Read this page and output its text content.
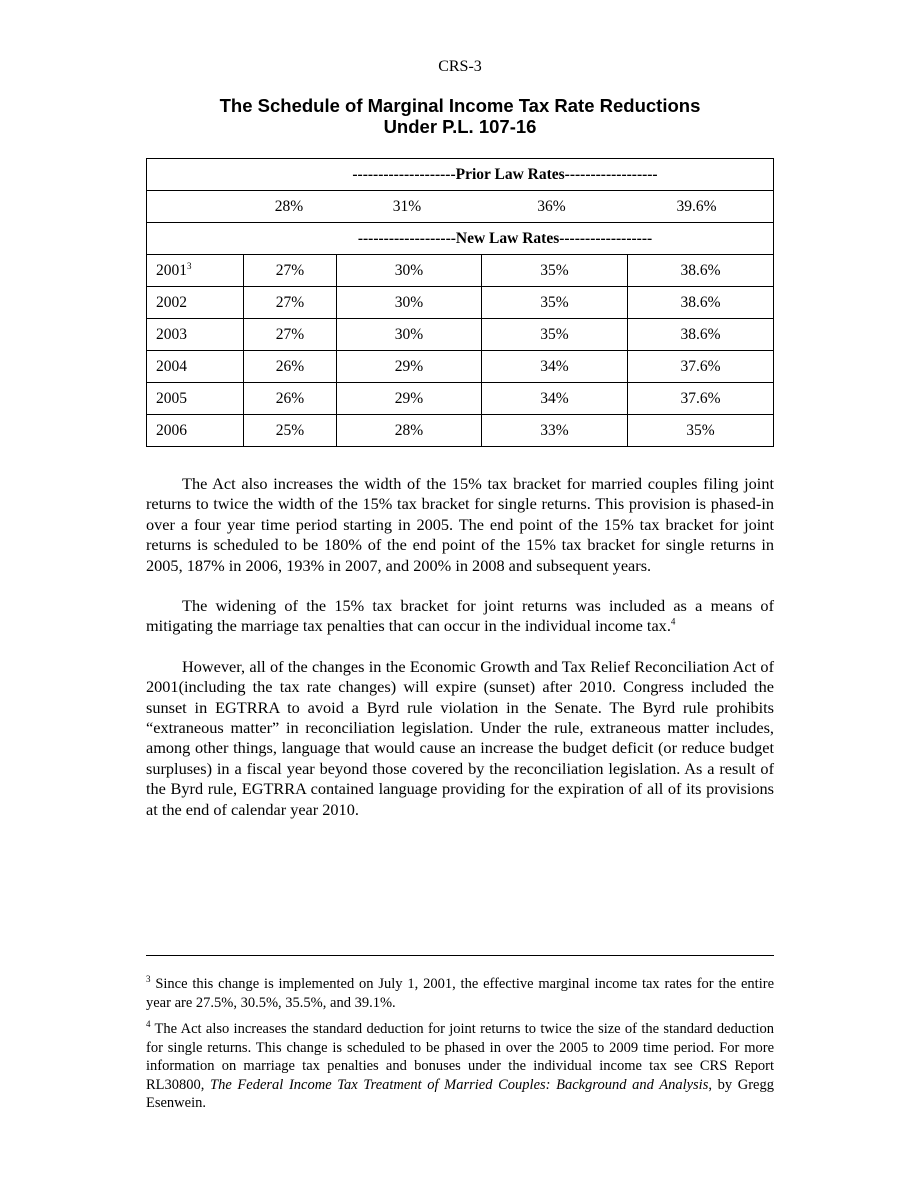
CRS-3
The Schedule of Marginal Income Tax Rate Reductions
Under P.L. 107-16
--------------------Prior Law Rates------------------				
28% 31% 36% 39.6%				
-------------------New Law Rates------------------				
2001$^3$	27%	30%	35%	38.6%
2002	27%	30%	35%	38.6%
2003	27%	30%	35%	38.6%
2004	26%	29%	34%	37.6%
2005	26%	29%	34%	37.6%
2006	25%	28%	33%	35%

The Act also increases the width of the 15% tax bracket for married couples filing joint returns to twice the width of the 15% tax bracket for single returns. This provision is phased-in over a four year time period starting in 2005. The end point of the 15% tax bracket for joint returns is scheduled to be 180% of the end point of the 15% tax bracket for single returns in 2005, 187% in 2006, 193% in 2007, and 200% in 2008 and subsequent years.

The widening of the 15% tax bracket for joint returns was included as a means of mitigating the marriage tax penalties that can occur in the individual income tax.$^4$

However, all of the changes in the Economic Growth and Tax Relief Reconciliation Act of 2001(including the tax rate changes) will expire (sunset) after 2010. Congress included the sunset in EGTRRA to avoid a Byrd rule violation in the Senate. The Byrd rule prohibits “extraneous matter” in reconciliation legislation. Under the rule, extraneous matter includes, among other things, language that would cause an increase the budget deficit (or reduce budget surpluses) in a fiscal year beyond those covered by the reconciliation legislation. As a result of the Byrd rule, EGTRRA contained language providing for the expiration of all of its provisions at the end of calendar year 2010.

$^3$ Since this change is implemented on July 1, 2001, the effective marginal income tax rates for the entire year are 27.5%, 30.5%, 35.5%, and 39.1%.

$^4$ The Act also increases the standard deduction for joint returns to twice the size of the standard deduction for single returns. This change is scheduled to be phased in over the 2005 to 2009 time period. For more information on marriage tax penalties and bonuses under the individual income tax see CRS Report RL30800, The Federal Income Tax Treatment of Married Couples: Background and Analysis, by Gregg Esenwein.
